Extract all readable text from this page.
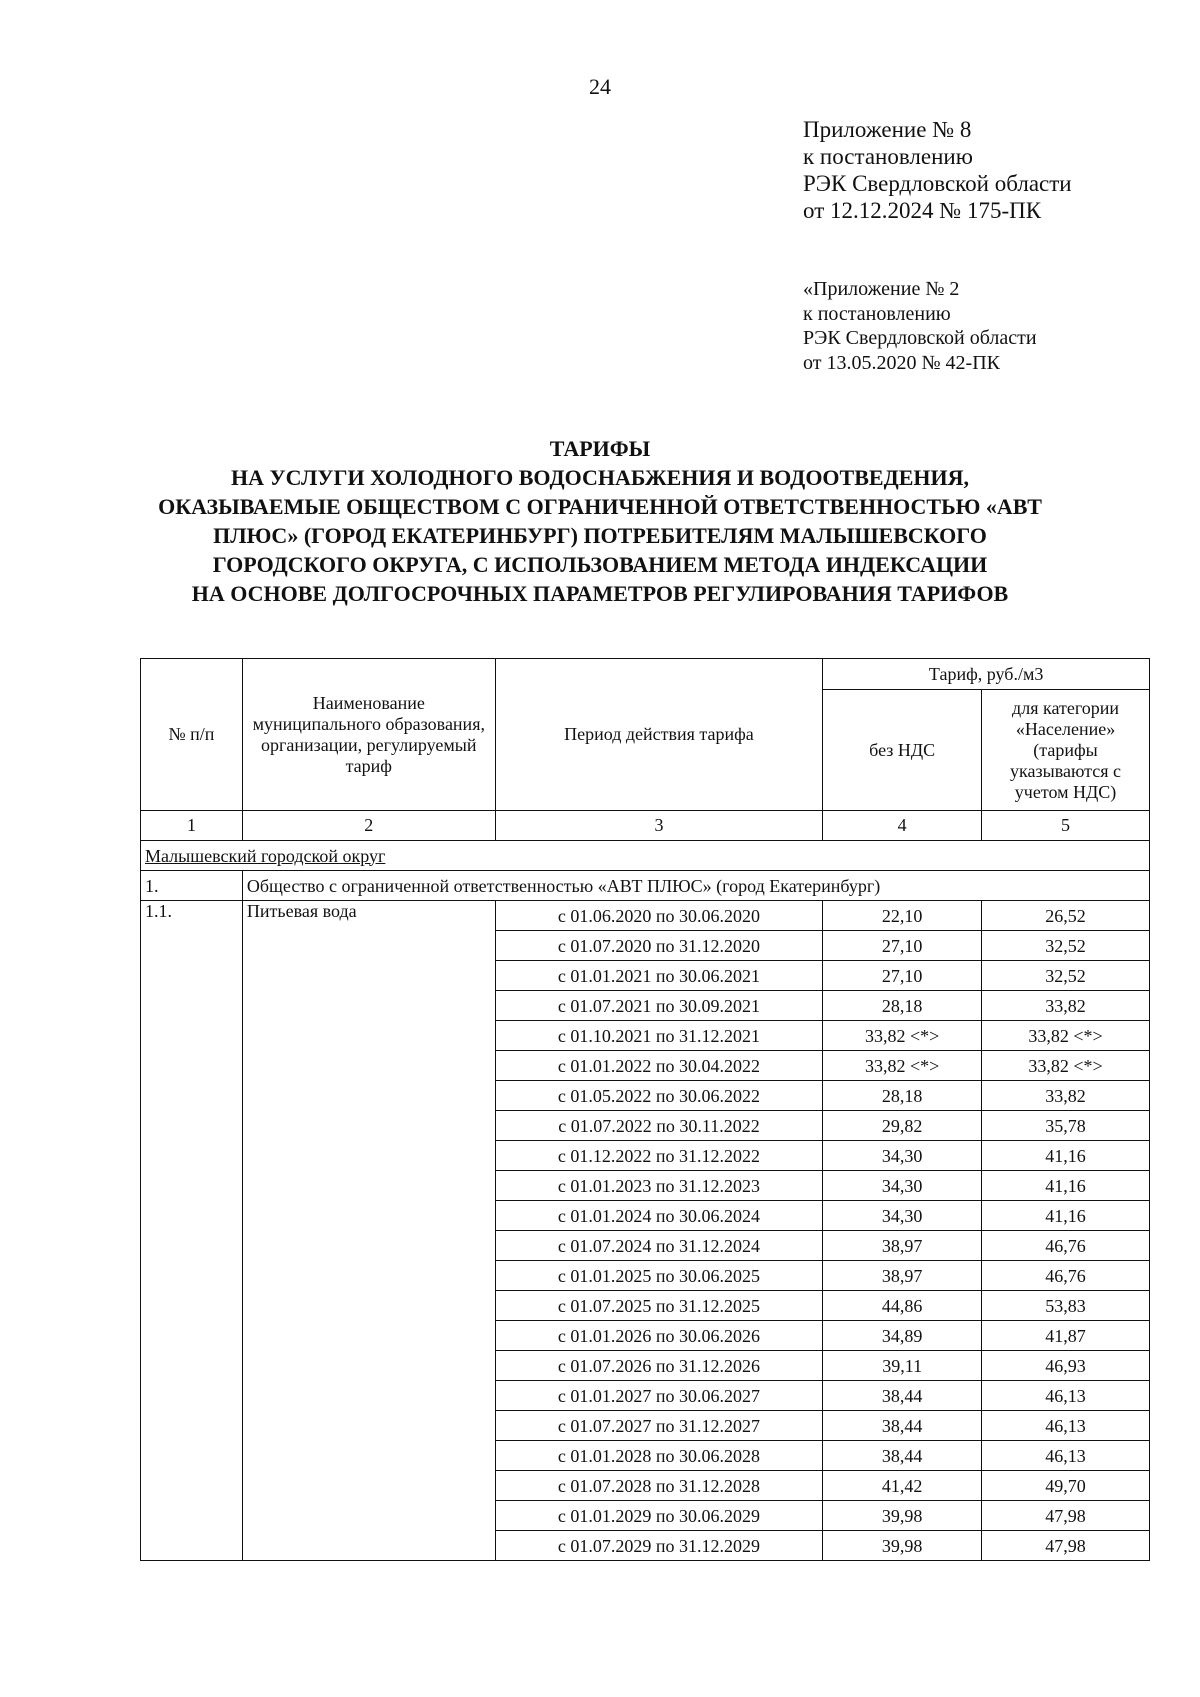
24
Приложение № 8
к постановлению
РЭК Свердловской области
от 12.12.2024 № 175-ПК
«Приложение № 2
к постановлению
РЭК Свердловской области
от 13.05.2020 № 42-ПК
ТАРИФЫ
НА УСЛУГИ ХОЛОДНОГО ВОДОСНАБЖЕНИЯ И ВОДООТВЕДЕНИЯ,
ОКАЗЫВАЕМЫЕ ОБЩЕСТВОМ С ОГРАНИЧЕННОЙ ОТВЕТСТВЕННОСТЬЮ «АВТ
ПЛЮС» (ГОРОД ЕКАТЕРИНБУРГ) ПОТРЕБИТЕЛЯМ МАЛЫШЕВСКОГО
ГОРОДСКОГО ОКРУГА, С ИСПОЛЬЗОВАНИЕМ МЕТОДА ИНДЕКСАЦИИ
НА ОСНОВЕ ДОЛГОСРОЧНЫХ ПАРАМЕТРОВ РЕГУЛИРОВАНИЯ ТАРИФОВ
№ п/п	Наименование муниципального образования, организации, регулируемый тариф	Период действия тарифа	Тариф, руб./м3	
			без НДС	для категории «Население» (тарифы указываются с учетом НДС)
1	2	3	4	5
Малышевский городской округ				
1.	Общество с ограниченной ответственностью «АВТ ПЛЮС» (город Екатеринбург)			
1.1.	Питьевая вода	с 01.06.2020 по 30.06.2020	22,10	26,52
		с 01.07.2020 по 31.12.2020	27,10	32,52
		с 01.01.2021 по 30.06.2021	27,10	32,52
		с 01.07.2021 по 30.09.2021	28,18	33,82
		с 01.10.2021 по 31.12.2021	33,82 <*>	33,82 <*>
		с 01.01.2022 по 30.04.2022	33,82 <*>	33,82 <*>
		с 01.05.2022 по 30.06.2022	28,18	33,82
		с 01.07.2022 по 30.11.2022	29,82	35,78
		с 01.12.2022 по 31.12.2022	34,30	41,16
		с 01.01.2023 по 31.12.2023	34,30	41,16
		с 01.01.2024 по 30.06.2024	34,30	41,16
		с 01.07.2024 по 31.12.2024	38,97	46,76
		с 01.01.2025 по 30.06.2025	38,97	46,76
		с 01.07.2025 по 31.12.2025	44,86	53,83
		с 01.01.2026 по 30.06.2026	34,89	41,87
		с 01.07.2026 по 31.12.2026	39,11	46,93
		с 01.01.2027 по 30.06.2027	38,44	46,13
		с 01.07.2027 по 31.12.2027	38,44	46,13
		с 01.01.2028 по 30.06.2028	38,44	46,13
		с 01.07.2028 по 31.12.2028	41,42	49,70
		с 01.01.2029 по 30.06.2029	39,98	47,98
		с 01.07.2029 по 31.12.2029	39,98	47,98
